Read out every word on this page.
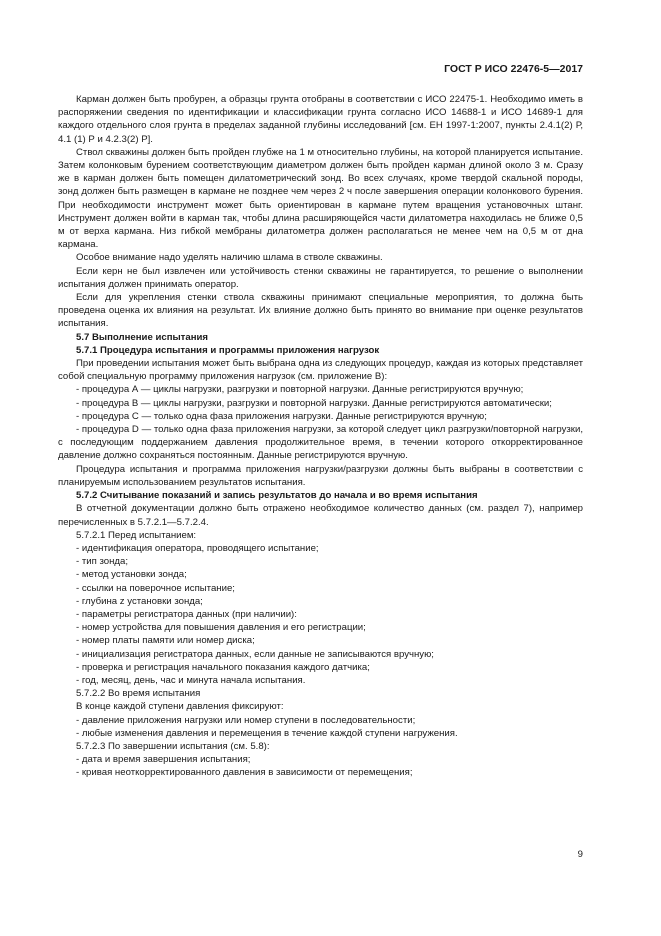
ГОСТ Р ИСО 22476-5—2017

Карман должен быть пробурен, а образцы грунта отобраны в соответствии с ИСО 22475-1. Необходимо иметь в распоряжении сведения по идентификации и классификации грунта согласно ИСО 14688-1 и ИСО 14689-1 для каждого отдельного слоя грунта в пределах заданной глубины исследований [см. ЕН 1997-1:2007, пункты 2.4.1(2) Р, 4.1 (1) Р и 4.2.3(2) Р].

Ствол скважины должен быть пройден глубже на 1 м относительно глубины, на которой планируется испытание. Затем колонковым бурением соответствующим диаметром должен быть пройден карман длиной около 3 м. Сразу же в карман должен быть помещен дилатометрический зонд. Во всех случаях, кроме твердой скальной породы, зонд должен быть размещен в кармане не позднее чем через 2 ч после завершения операции колонкового бурения. При необходимости инструмент может быть ориентирован в кармане путем вращения установочных штанг. Инструмент должен войти в карман так, чтобы длина расширяющейся части дилатометра находилась не ближе 0,5 м от верха кармана. Низ гибкой мембраны дилатометра должен располагаться не менее чем на 0,5 м от дна кармана.

Особое внимание надо уделять наличию шлама в стволе скважины.

Если керн не был извлечен или устойчивость стенки скважины не гарантируется, то решение о выполнении испытания должен принимать оператор.

Если для укрепления стенки ствола скважины принимают специальные мероприятия, то должна быть проведена оценка их влияния на результат. Их влияние должно быть принято во внимание при оценке результатов испытания.

5.7 Выполнение испытания
5.7.1 Процедура испытания и программы приложения нагрузок

При проведении испытания может быть выбрана одна из следующих процедур, каждая из которых представляет собой специальную программу приложения нагрузок (см. приложение В):

- процедура А — циклы нагрузки, разгрузки и повторной нагрузки. Данные регистрируются вручную;

- процедура В — циклы нагрузки, разгрузки и повторной нагрузки. Данные регистрируются автоматически;

- процедура С — только одна фаза приложения нагрузки. Данные регистрируются вручную;

- процедура D — только одна фаза приложения нагрузки, за которой следует цикл разгрузки/повторной нагрузки, с последующим поддержанием давления продолжительное время, в течении которого откорректированное давление должно сохраняться постоянным. Данные регистрируются вручную.

Процедура испытания и программа приложения нагрузки/разгрузки должны быть выбраны в соответствии с планируемым использованием результатов испытания.

5.7.2 Считывание показаний и запись результатов до начала и во время испытания

В отчетной документации должно быть отражено необходимое количество данных (см. раздел 7), например перечисленных в 5.7.2.1—5.7.2.4.

5.7.2.1 Перед испытанием:
- идентификация оператора, проводящего испытание;
- тип зонда;
- метод установки зонда;
- ссылки на поверочное испытание;
- глубина z установки зонда;
- параметры регистратора данных (при наличии):
- номер устройства для повышения давления и его регистрации;
- номер платы памяти или номер диска;
- инициализация регистратора данных, если данные не записываются вручную;
- проверка и регистрация начального показания каждого датчика;
- год, месяц, день, час и минута начала испытания.
5.7.2.2 Во время испытания
В конце каждой ступени давления фиксируют:
- давление приложения нагрузки или номер ступени в последовательности;
- любые изменения давления и перемещения в течение каждой ступени нагружения.
5.7.2.3 По завершении испытания (см. 5.8):
- дата и время завершения испытания;
- кривая неоткорректированного давления в зависимости от перемещения;
9
